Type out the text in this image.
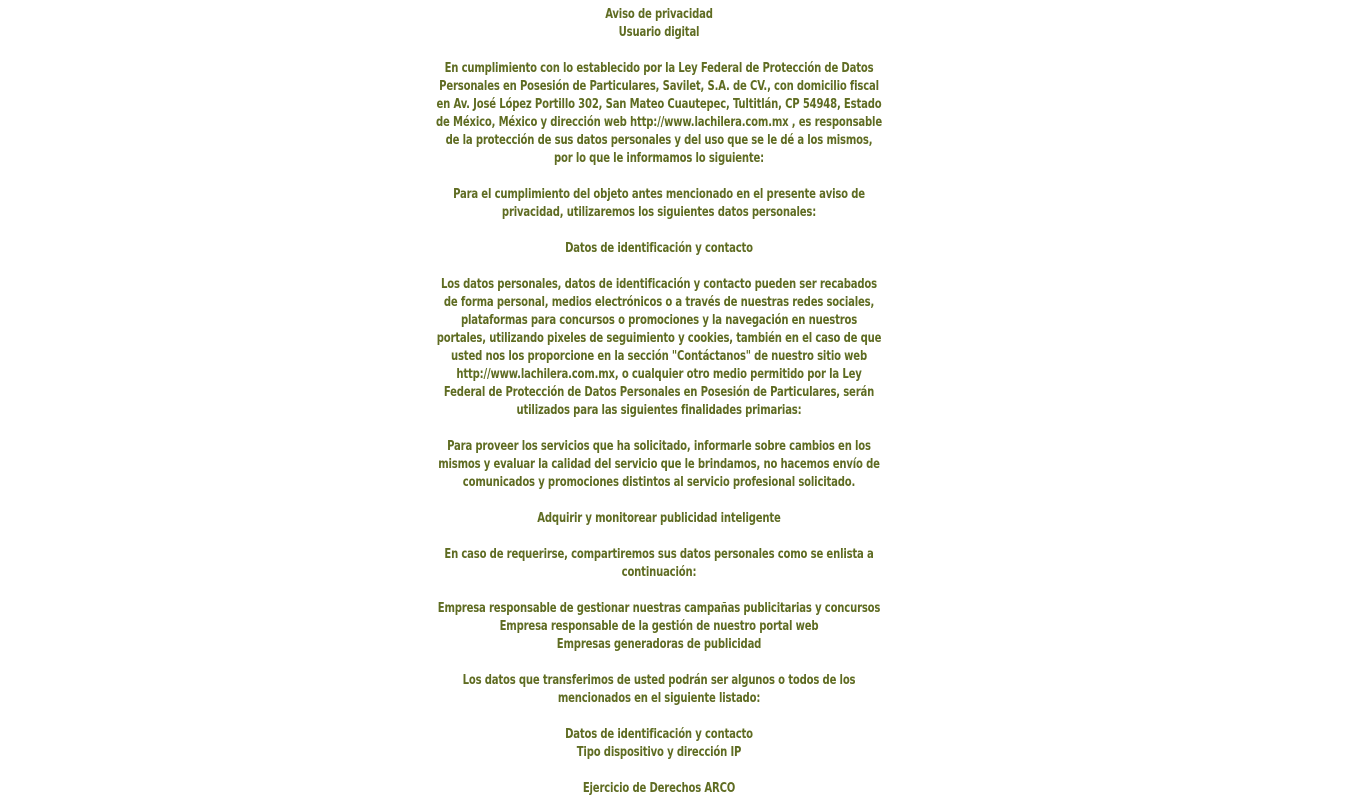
Aviso de privacidad

Usuario digital

En cumplimiento con lo establecido por la Ley Federal de Protección de Datos Personales en Posesión de Particulares, Savilet, S.A. de CV., con domicilio fiscal en Av. José López Portillo 302, San Mateo Cuautepec, Tultitlán, CP 54948, Estado de México, México y dirección web http://www.lachilera.com.mx , es responsable de la protección de sus datos personales y del uso que se le dé a los mismos, por lo que le informamos lo siguiente:

Para el cumplimiento del objeto antes mencionado en el presente aviso de privacidad, utilizaremos los siguientes datos personales:

Datos de identificación y contacto

Los datos personales, datos de identificación y contacto pueden ser recabados de forma personal, medios electrónicos o a través de nuestras redes sociales, plataformas para concursos o promociones y la navegación en nuestros portales, utilizando pixeles de seguimiento y cookies, también en el caso de que usted nos los proporcione en la sección "Contáctanos" de nuestro sitio web http://www.lachilera.com.mx, o cualquier otro medio permitido por la Ley Federal de Protección de Datos Personales en Posesión de Particulares, serán utilizados para las siguientes finalidades primarias:

Para proveer los servicios que ha solicitado, informarle sobre cambios en los mismos y evaluar la calidad del servicio que le brindamos, no hacemos envío de comunicados y promociones distintos al servicio profesional solicitado.

Adquirir y monitorear publicidad inteligente

En caso de requerirse, compartiremos sus datos personales como se enlista a continuación:

Empresa responsable de gestionar nuestras campañas publicitarias y concursos

Empresa responsable de la gestión de nuestro portal web

Empresas generadoras de publicidad

Los datos que transferimos de usted podrán ser algunos o todos de los mencionados en el siguiente listado:

Datos de identificación y contacto

Tipo dispositivo y dirección IP

Ejercicio de Derechos ARCO
